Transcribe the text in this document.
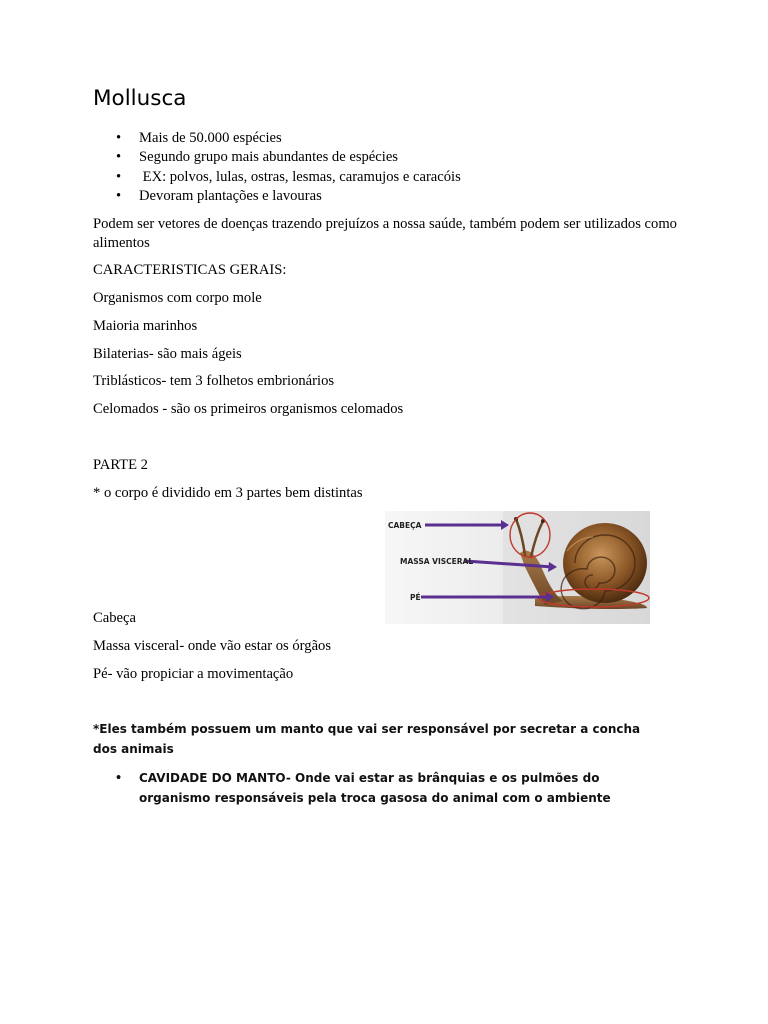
Mollusca
• Mais de 50.000 espécies
• Segundo grupo mais abundantes de espécies
•  EX: polvos, lulas, ostras, lesmas, caramujos e caracóis
• Devoram plantações e lavouras
Podem ser vetores de doenças trazendo prejuízos a nossa saúde, também podem ser utilizados como alimentos
CARACTERISTICAS GERAIS:
Organismos com corpo mole
Maioria marinhos
Bilaterias- são mais ágeis
Triblásticos- tem 3 folhetos embrionários
Celomados - são os primeiros organismos celomados
PARTE 2
* o corpo é dividido em 3 partes bem distintas
CABEÇA
MASSA VISCERAL
PÉ
Cabeça
Massa visceral- onde vão estar os órgãos
Pé- vão propiciar a movimentação
*Eles também possuem um manto que vai ser responsável por secretar a concha dos animais
• CAVIDADE DO MANTO- Onde vai estar as brânquias e os pulmões do organismo responsáveis pela troca gasosa do animal com o ambiente
